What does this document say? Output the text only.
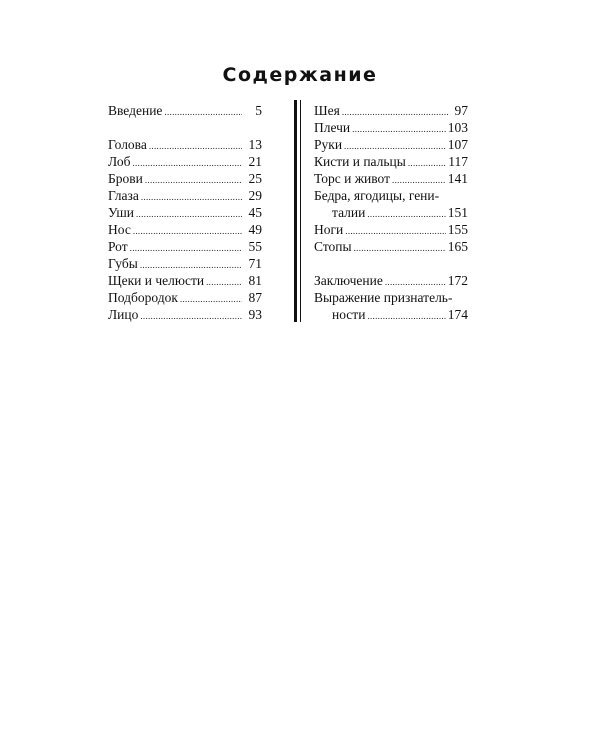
Содержание
Введение .....	5
Голова .....	13
Лоб .....	21
Брови .....	25
Глаза .....	29
Уши .....	45
Нос .....	49
Рот .....	55
Губы .....	71
Щеки и челюсти .....	81
Подбородок .....	87
Лицо .....	93
Шея .....	97
Плечи .....	103
Руки .....	107
Кисти и пальцы .....	117
Торс и живот .....	141
Бедра, ягодицы, гени-
талии .....	151
Ноги .....	155
Стопы .....	165
Заключение .....	172
Выражение признатель-
ности .....	174
